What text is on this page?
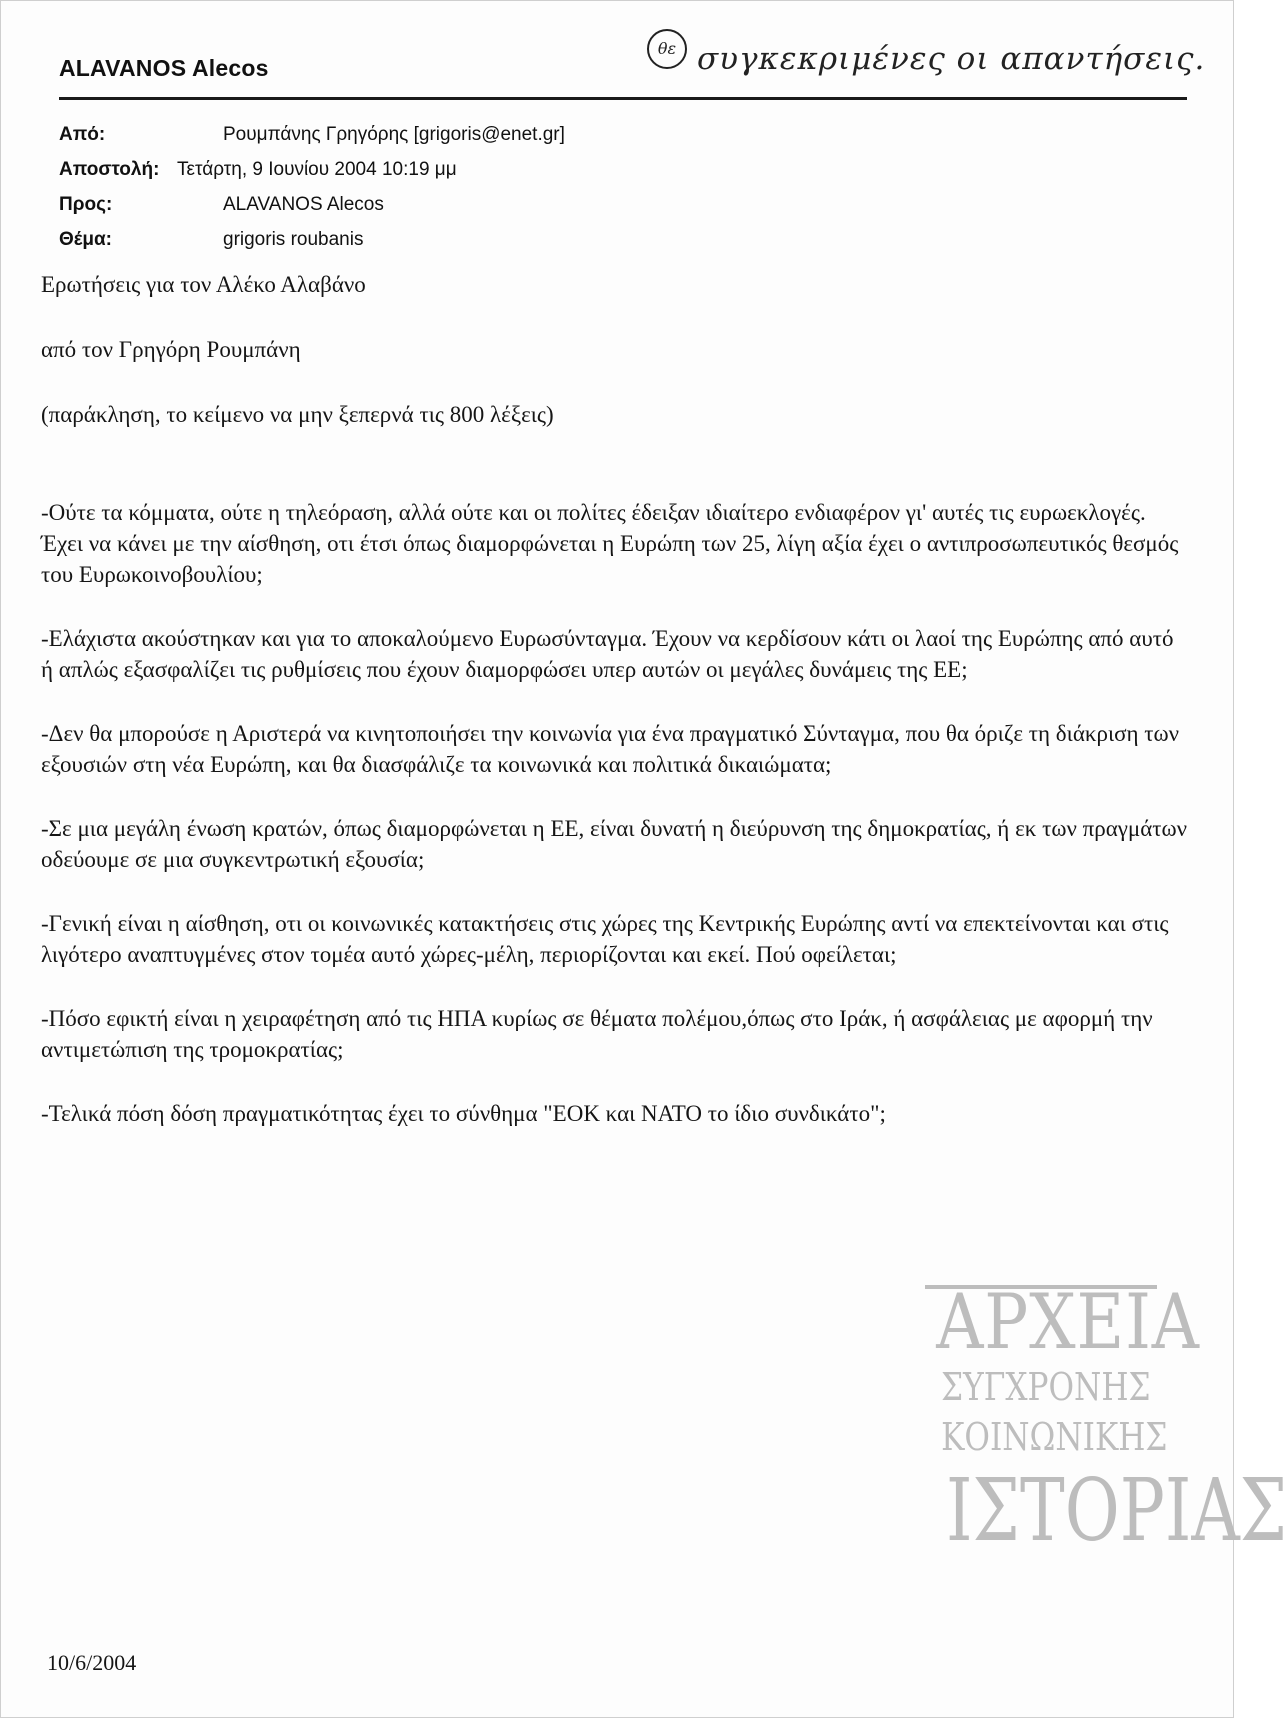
ALAVANOS Alecos
θε συγκεκριμένες οι απαντήσεις.
Από:	Ρουμπάνης Γρηγόρης [grigoris@enet.gr]
Αποστολή: Τετάρτη, 9 Ιουνίου 2004 10:19 μμ
Προς:	ALAVANOS Alecos
Θέμα:	grigoris roubanis

Ερωτήσεις για τον Αλέκο Αλαβάνο

από τον Γρηγόρη Ρουμπάνη

(παράκληση, το κείμενο να μην ξεπερνά τις 800 λέξεις)

-Ούτε τα κόμματα, ούτε η τηλεόραση, αλλά ούτε και οι πολίτες έδειξαν ιδιαίτερο ενδιαφέρον γι' αυτές τις ευρωεκλογές. Έχει να κάνει με την αίσθηση, οτι έτσι όπως διαμορφώνεται η Ευρώπη των 25, λίγη αξία έχει ο αντιπροσωπευτικός θεσμός του Ευρωκοινοβουλίου;

-Ελάχιστα ακούστηκαν και για το αποκαλούμενο Ευρωσύνταγμα. Έχουν να κερδίσουν κάτι οι λαοί της Ευρώπης από αυτό ή απλώς εξασφαλίζει τις ρυθμίσεις που έχουν διαμορφώσει υπερ αυτών οι μεγάλες δυνάμεις της ΕΕ;

-Δεν θα μπορούσε η Αριστερά να κινητοποιήσει την κοινωνία για ένα πραγματικό Σύνταγμα, που θα όριζε τη διάκριση των εξουσιών στη νέα Ευρώπη, και θα διασφάλιζε τα κοινωνικά και πολιτικά δικαιώματα;

-Σε μια μεγάλη ένωση κρατών, όπως διαμορφώνεται η ΕΕ, είναι δυνατή η διεύρυνση της δημοκρατίας, ή εκ των πραγμάτων οδεύουμε σε μια συγκεντρωτική εξουσία;

-Γενική είναι η αίσθηση, οτι οι κοινωνικές κατακτήσεις στις χώρες της Κεντρικής Ευρώπης αντί να επεκτείνονται και στις λιγότερο αναπτυγμένες στον τομέα αυτό χώρες-μέλη, περιορίζονται και εκεί. Πού οφείλεται;

-Πόσο εφικτή είναι η χειραφέτηση από τις ΗΠΑ κυρίως σε θέματα πολέμου,όπως στο Ιράκ, ή ασφάλειας με αφορμή την αντιμετώπιση της τρομοκρατίας;

-Τελικά πόση δόση πραγματικότητας έχει το σύνθημα "ΕΟΚ και ΝΑΤΟ το ίδιο συνδικάτο";

ΑΡΧΕΙΑ
ΣΥΓΧΡΟΝΗΣ
ΚΟΙΝΩΝΙΚΗΣ
ΙΣΤΟΡΙΑΣ
10/6/2004
